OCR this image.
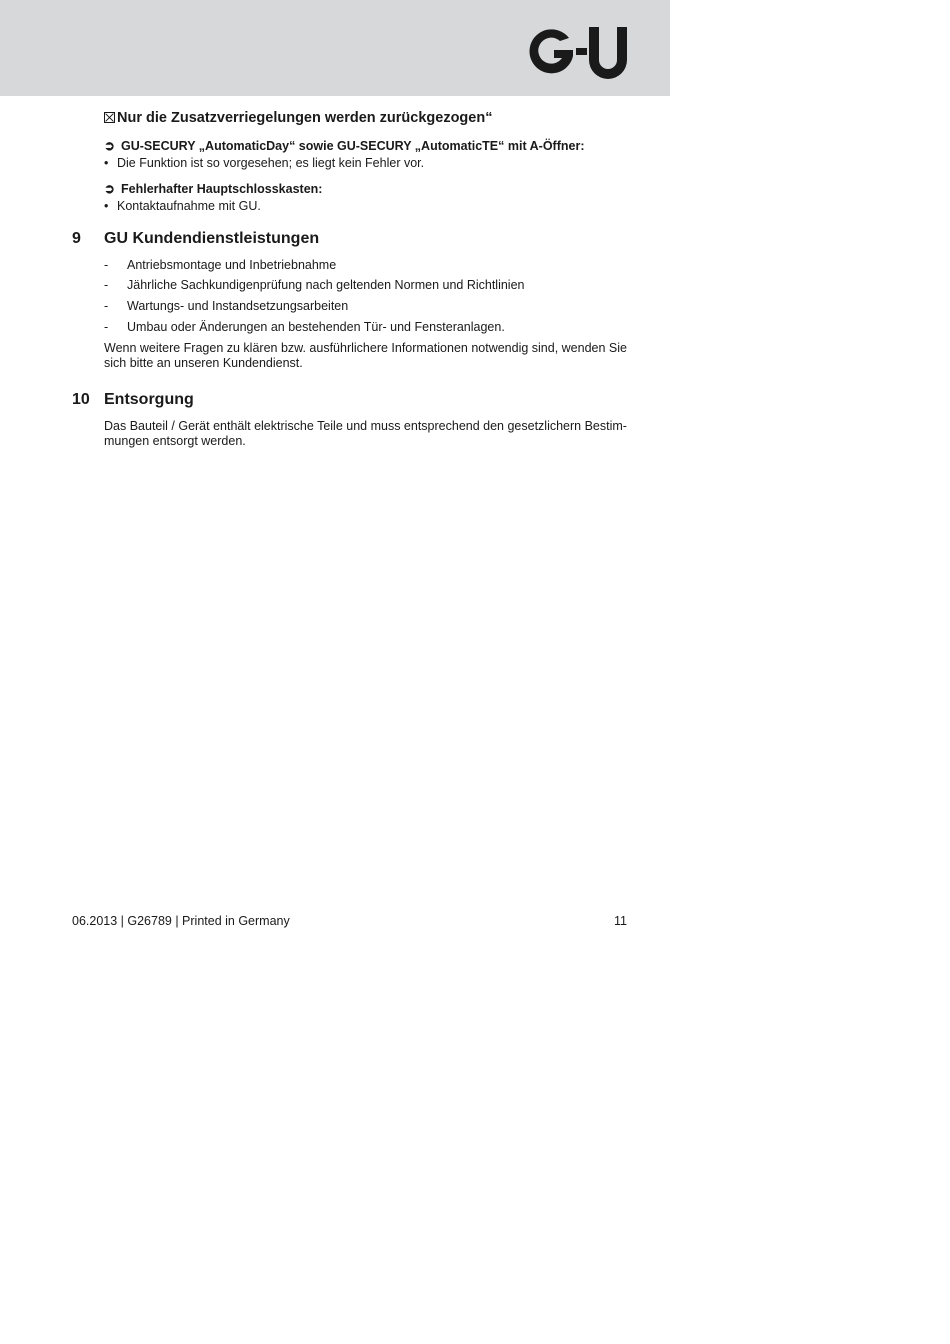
Nur die Zusatzverriegelungen werden zurückgezogen“
➲ GU-SECURY „AutomaticDay“ sowie GU-SECURY „AutomaticTE“ mit A-Öffner:
• Die Funktion ist so vorgesehen; es liegt kein Fehler vor.
➲ Fehlerhafter Hauptschlosskasten:
• Kontaktaufnahme mit GU.
9 GU Kundendienstleistungen
- Antriebsmontage und Inbetriebnahme
- Jährliche Sachkundigenprüfung nach geltenden Normen und Richtlinien
- Wartungs- und Instandsetzungsarbeiten
- Umbau oder Änderungen an bestehenden Tür- und Fensteranlagen.
Wenn weitere Fragen zu klären bzw. ausführlichere Informationen notwendig sind, wenden Sie sich bitte an unseren Kundendienst.
10 Entsorgung
Das Bauteil / Gerät enthält elektrische Teile und muss entsprechend den gesetzlichern Bestim-mungen entsorgt werden.
06.2013 | G26789 | Printed in Germany	11
